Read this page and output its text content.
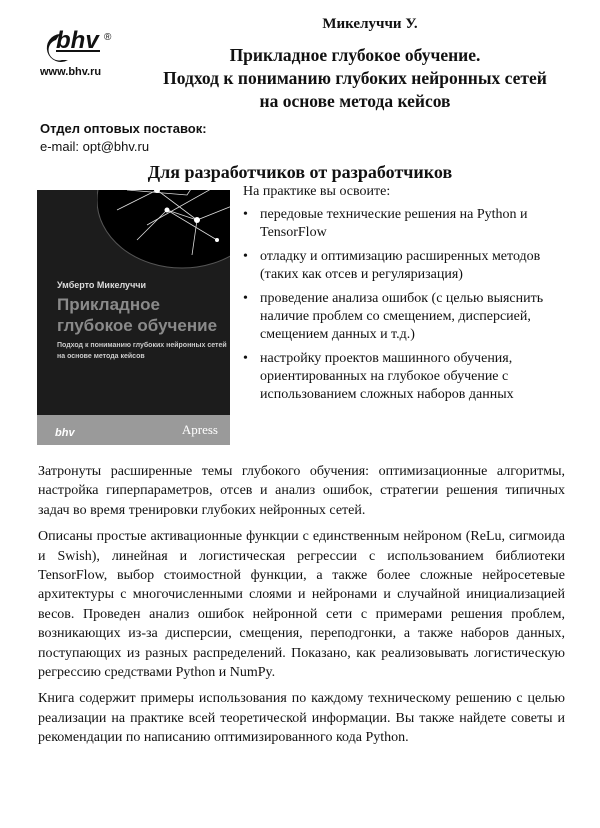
bhv ®
www.bhv.ru
Микелуччи У.
Прикладное глубокое обучение.
Подход к пониманию глубоких нейронных сетей
на основе метода кейсов
Отдел оптовых поставок:
e-mail: opt@bhv.ru
Для разработчиков от разработчиков
Умберто Микелуччи
Прикладное
глубокое обучение
Подход к пониманию глубоких нейронных сетей на основе метода кейсов
bhv	Apress
На практике вы освоите:
• передовые технические решения на Python и TensorFlow
• отладку и оптимизацию расширенных методов (таких как отсев и регуляризация)
• проведение анализа ошибок (с целью выяснить наличие проблем со смещением, дисперсией, смещением данных и т.д.)
• настройку проектов машинного обучения, ориентированных на глубокое обучение с использованием сложных наборов данных

Затронуты расширенные темы глубокого обучения: оптимизационные алгоритмы, настройка гиперпараметров, отсев и анализ ошибок, стратегии решения типичных задач во время тренировки глубоких нейронных сетей.

Описаны простые активационные функции с единственным нейроном (ReLu, сигмоида и Swish), линейная и логистическая регрессии с использованием библиотеки TensorFlow, выбор стоимостной функции, а также более сложные нейросетевые архитектуры с многочисленными слоями и нейронами и случайной инициализацией весов. Проведен анализ ошибок нейронной сети с примерами решения проблем, возникающих из-за дисперсии, смещения, переподгонки, а также наборов данных, поступающих из разных распределений. Показано, как реализовывать логистическую регрессию средствами Python и NumPy.

Книга содержит примеры использования по каждому техническому решению с целью реализации на практике всей теоретической информации. Вы также найдете советы и рекомендации по написанию оптимизированного кода Python.
